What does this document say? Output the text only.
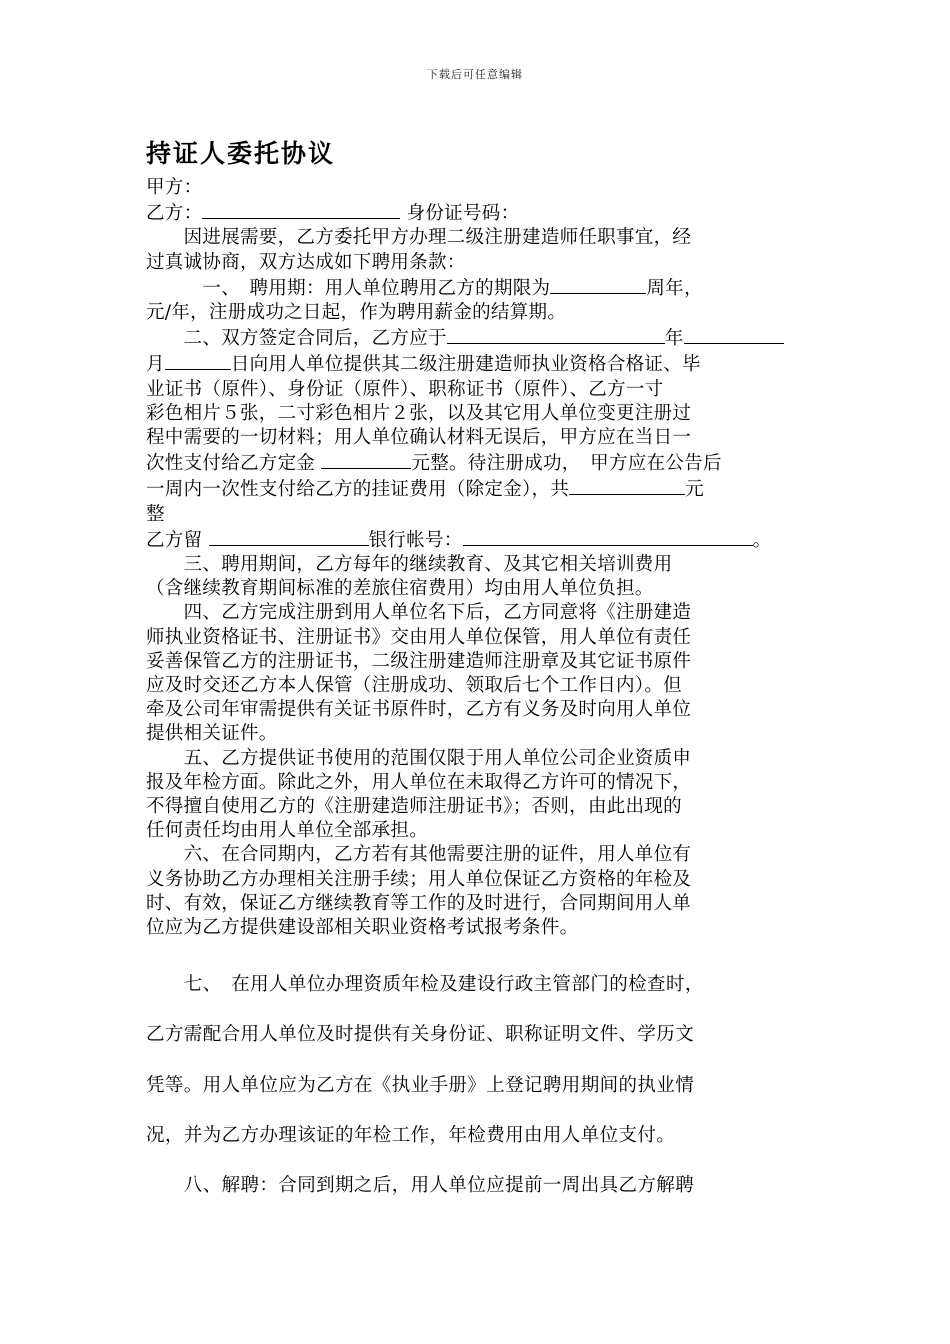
下载后可任意编辑
持证人委托协议
甲方：
乙方：	身份证号码：
　　因进展需要，乙方委托甲方办理二级注册建造师任职事宜，经
过真诚协商，双方达成如下聘用条款：
　　　一、　聘用期：用人单位聘用乙方的期限为	周年，
元/年，注册成功之日起，作为聘用薪金的结算期。
　　二、双方签定合同后，乙方应于	年
月	日向用人单位提供其二级注册建造师执业资格合格证、毕
业证书（原件）、身份证（原件）、职称证书（原件）、乙方一寸
彩色相片５张，二寸彩色相片２张，以及其它用人单位变更注册过
程中需要的一切材料；用人单位确认材料无误后，甲方应在当日一
次性支付给乙方定金	元整。待注册成功，　甲方应在公告后
一周内一次性支付给乙方的挂证费用（除定金），共	元
整
乙方留	银行帐号：	。
　　三、聘用期间，乙方每年的继续教育、及其它相关培训费用
（含继续教育期间标准的差旅住宿费用）均由用人单位负担。
　　四、乙方完成注册到用人单位名下后，乙方同意将《注册建造
师执业资格证书、注册证书》交由用人单位保管，用人单位有责任
妥善保管乙方的注册证书，二级注册建造师注册章及其它证书原件
应及时交还乙方本人保管（注册成功、领取后七个工作日内）。但
牵及公司年审需提供有关证书原件时，乙方有义务及时向用人单位
提供相关证件。
　　五、乙方提供证书使用的范围仅限于用人单位公司企业资质申
报及年检方面。除此之外，用人单位在未取得乙方许可的情况下，
不得擅自使用乙方的《注册建造师注册证书》；否则，由此出现的
任何责任均由用人单位全部承担。
　　六、在合同期内，乙方若有其他需要注册的证件，用人单位有
义务协助乙方办理相关注册手续；用人单位保证乙方资格的年检及
时、有效，保证乙方继续教育等工作的及时进行，合同期间用人单
位应为乙方提供建设部相关职业资格考试报考条件。
　　七、　在用人单位办理资质年检及建设行政主管部门的检查时，
乙方需配合用人单位及时提供有关身份证、职称证明文件、学历文
凭等。用人单位应为乙方在《执业手册》上登记聘用期间的执业情
况，并为乙方办理该证的年检工作，年检费用由用人单位支付。
　　八、解聘：合同到期之后，用人单位应提前一周出具乙方解聘
